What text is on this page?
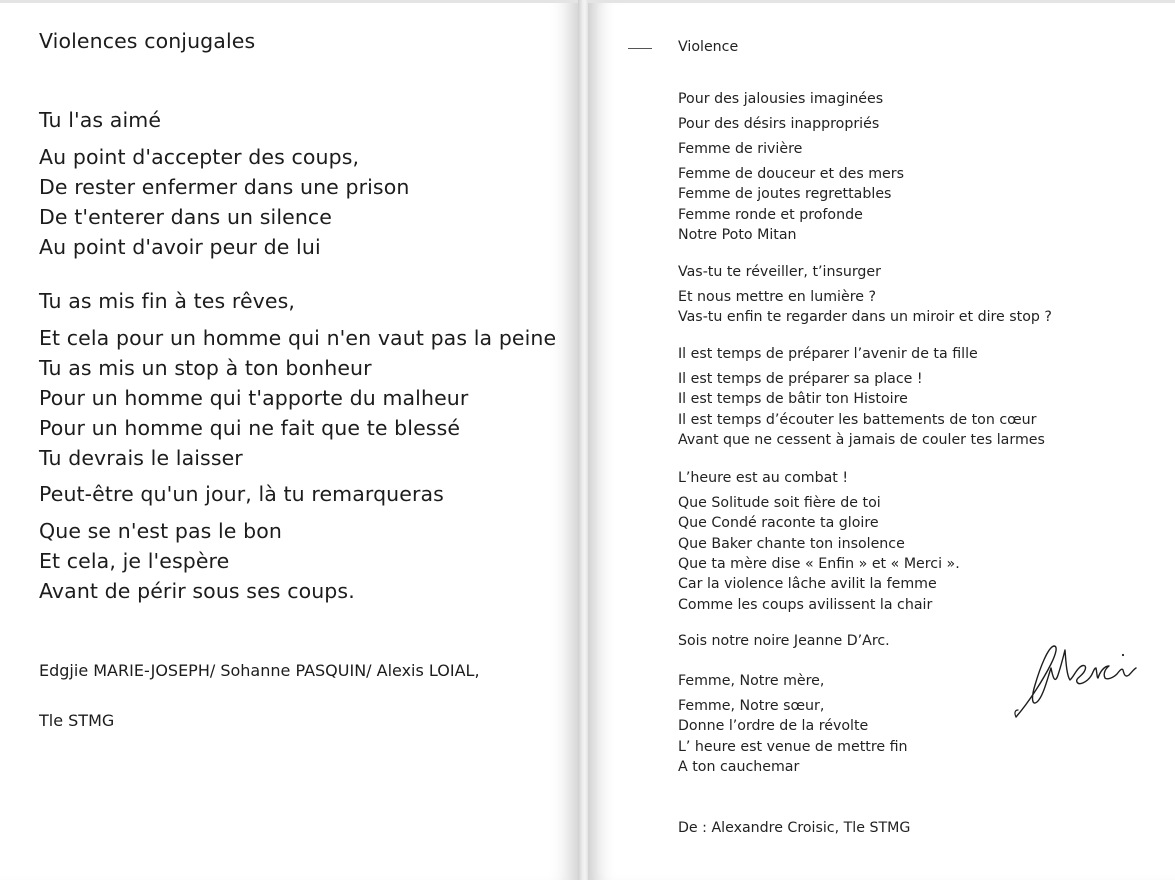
Violences conjugales

Tu l'as aimé

Au point d'accepter des coups,

De rester enfermer dans une prison

De t'enterer dans un silence

Au point d'avoir peur de lui

Tu as mis fin à tes rêves,

Et cela pour un homme qui n'en vaut pas la peine

Tu as mis un stop à ton bonheur

Pour un homme qui t'apporte du malheur

Pour un homme qui ne fait que te blessé

Tu devrais le laisser

Peut-être qu'un jour, là tu remarqueras

Que se n'est pas le bon

Et cela, je l'espère

Avant de périr sous ses coups.

Edgjie MARIE-JOSEPH/ Sohanne PASQUIN/ Alexis LOIAL,

Tle STMG

Violence

Pour des jalousies imaginées

Pour des désirs inappropriés

Femme de rivière

Femme de douceur et des mers

Femme de joutes regrettables

Femme ronde et profonde

Notre Poto Mitan

Vas-tu te réveiller, t’insurger

Et nous mettre en lumière ?

Vas-tu enfin te regarder dans un miroir et dire stop ?

Il est temps de préparer l’avenir de ta fille

Il est temps de préparer sa place !

Il est temps de bâtir ton Histoire

Il est temps d’écouter les battements de ton cœur

Avant que ne cessent à jamais de couler tes larmes

L’heure est au combat !

Que Solitude soit fière de toi

Que Condé raconte ta gloire

Que Baker chante ton insolence

Que ta mère dise « Enfin » et « Merci ».

Car la violence lâche avilit la femme

Comme les coups avilissent la chair

Sois notre noire Jeanne D’Arc.

Femme, Notre mère,

Femme, Notre sœur,

Donne l’ordre de la révolte

L’ heure est venue de mettre fin

A ton cauchemar

De : Alexandre Croisic, Tle STMG
